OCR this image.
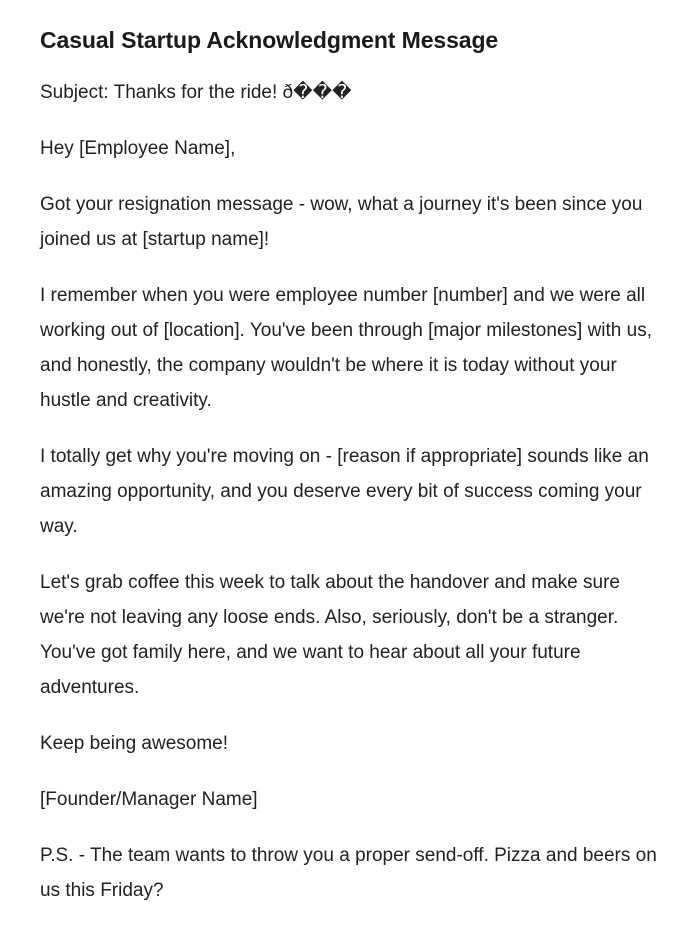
Casual Startup Acknowledgment Message

Subject: Thanks for the ride! ð���

Hey [Employee Name],

Got your resignation message - wow, what a journey it's been since you joined us at [startup name]!

I remember when you were employee number [number] and we were all working out of [location]. You've been through [major milestones] with us, and honestly, the company wouldn't be where it is today without your hustle and creativity.

I totally get why you're moving on - [reason if appropriate] sounds like an amazing opportunity, and you deserve every bit of success coming your way.

Let's grab coffee this week to talk about the handover and make sure we're not leaving any loose ends. Also, seriously, don't be a stranger. You've got family here, and we want to hear about all your future adventures.

Keep being awesome!

[Founder/Manager Name]

P.S. - The team wants to throw you a proper send-off. Pizza and beers on us this Friday?
